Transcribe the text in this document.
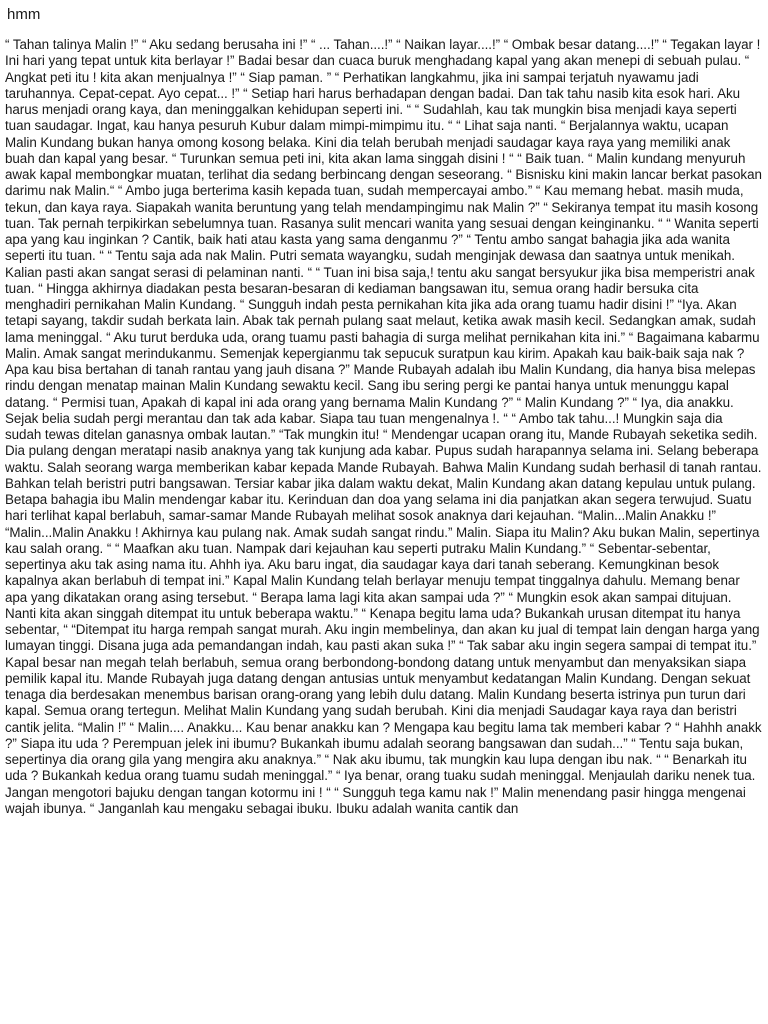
hmm

“ Tahan talinya Malin !” “ Aku sedang berusaha ini !” “ ... Tahan....!” “ Naikan layar....!” “ Ombak besar datang....!” “ Tegakan layar ! Ini hari yang tepat untuk kita berlayar !” Badai besar dan cuaca buruk menghadang kapal yang akan menepi di sebuah pulau. “ Angkat peti itu ! kita akan menjualnya !” “ Siap paman. ” “ Perhatikan langkahmu, jika ini sampai terjatuh nyawamu jadi taruhannya. Cepat-cepat. Ayo cepat... !” “ Setiap hari harus berhadapan dengan badai. Dan tak tahu nasib kita esok hari. Aku harus menjadi orang kaya, dan meninggalkan kehidupan seperti ini. “ “ Sudahlah, kau tak mungkin bisa menjadi kaya seperti tuan saudagar. Ingat, kau hanya pesuruh Kubur dalam mimpi-mimpimu itu. “ “ Lihat saja nanti. “ Berjalannya waktu, ucapan Malin Kundang bukan hanya omong kosong belaka. Kini dia telah berubah menjadi saudagar kaya raya yang memiliki anak buah dan kapal yang besar. “ Turunkan semua peti ini, kita akan lama singgah disini ! “ “ Baik tuan. “ Malin kundang menyuruh awak kapal membongkar muatan, terlihat dia sedang berbincang dengan seseorang. “ Bisnisku kini makin lancar berkat pasokan darimu nak Malin.“ “ Ambo juga berterima kasih kepada tuan, sudah mempercayai ambo.” “ Kau memang hebat. masih muda, tekun, dan kaya raya. Siapakah wanita beruntung yang telah mendampingimu nak Malin ?” “ Sekiranya tempat itu masih kosong tuan. Tak pernah terpikirkan sebelumnya tuan. Rasanya sulit mencari wanita yang sesuai dengan keinginanku. “ “ Wanita seperti apa yang kau inginkan ? Cantik, baik hati atau kasta yang sama denganmu ?” “ Tentu ambo sangat bahagia jika ada wanita seperti itu tuan. “ “ Tentu saja ada nak Malin. Putri semata wayangku, sudah menginjak dewasa dan saatnya untuk menikah. Kalian pasti akan sangat serasi di pelaminan nanti. “ “ Tuan ini bisa saja,! tentu aku sangat bersyukur jika bisa memperistri anak tuan. “ Hingga akhirnya diadakan pesta besaran-besaran di kediaman bangsawan itu, semua orang hadir bersuka cita menghadiri pernikahan Malin Kundang. “ Sungguh indah pesta pernikahan kita jika ada orang tuamu hadir disini !” “Iya. Akan tetapi sayang, takdir sudah berkata lain. Abak tak pernah pulang saat melaut, ketika awak masih kecil. Sedangkan amak, sudah lama meninggal. “ Aku turut berduka uda, orang tuamu pasti bahagia di surga melihat pernikahan kita ini.” “ Bagaimana kabarmu Malin. Amak sangat merindukanmu. Semenjak kepergianmu tak sepucuk suratpun kau kirim. Apakah kau baik-baik saja nak ? Apa kau bisa bertahan di tanah rantau yang jauh disana ?” Mande Rubayah adalah ibu Malin Kundang, dia hanya bisa melepas rindu dengan menatap mainan Malin Kundang sewaktu kecil. Sang ibu sering pergi ke pantai hanya untuk menunggu kapal datang. “ Permisi tuan, Apakah di kapal ini ada orang yang bernama Malin Kundang ?” “ Malin Kundang ?” “ Iya, dia anakku. Sejak belia sudah pergi merantau dan tak ada kabar. Siapa tau tuan mengenalnya !. “ “ Ambo tak tahu...! Mungkin saja dia sudah tewas ditelan ganasnya ombak lautan.” “Tak mungkin itu! “ Mendengar ucapan orang itu, Mande Rubayah seketika sedih. Dia pulang dengan meratapi nasib anaknya yang tak kunjung ada kabar. Pupus sudah harapannya selama ini. Selang beberapa waktu. Salah seorang warga memberikan kabar kepada Mande Rubayah. Bahwa Malin Kundang sudah berhasil di tanah rantau. Bahkan telah beristri putri bangsawan. Tersiar kabar jika dalam waktu dekat, Malin Kundang akan datang kepulau untuk pulang. Betapa bahagia ibu Malin mendengar kabar itu. Kerinduan dan doa yang selama ini dia panjatkan akan segera terwujud. Suatu hari terlihat kapal berlabuh, samar-samar Mande Rubayah melihat sosok anaknya dari kejauhan. “Malin...Malin Anakku !” “Malin...Malin Anakku ! Akhirnya kau pulang nak. Amak sudah sangat rindu.” Malin. Siapa itu Malin? Aku bukan Malin, sepertinya kau salah orang. “ “ Maafkan aku tuan. Nampak dari kejauhan kau seperti putraku Malin Kundang.” “ Sebentar-sebentar, sepertinya aku tak asing nama itu. Ahhh iya. Aku baru ingat, dia saudagar kaya dari tanah seberang. Kemungkinan besok kapalnya akan berlabuh di tempat ini.” Kapal Malin Kundang telah berlayar menuju tempat tinggalnya dahulu. Memang benar apa yang dikatakan orang asing tersebut. “ Berapa lama lagi kita akan sampai uda ?” “ Mungkin esok akan sampai ditujuan. Nanti kita akan singgah ditempat itu untuk beberapa waktu.” “ Kenapa begitu lama uda? Bukankah urusan ditempat itu hanya sebentar, “ “Ditempat itu harga rempah sangat murah. Aku ingin membelinya, dan akan ku jual di tempat lain dengan harga yang lumayan tinggi. Disana juga ada pemandangan indah, kau pasti akan suka !” “ Tak sabar aku ingin segera sampai di tempat itu.” Kapal besar nan megah telah berlabuh, semua orang berbondong-bondong datang untuk menyambut dan menyaksikan siapa pemilik kapal itu. Mande Rubayah juga datang dengan antusias untuk menyambut kedatangan Malin Kundang. Dengan sekuat tenaga dia berdesakan menembus barisan orang-orang yang lebih dulu datang. Malin Kundang beserta istrinya pun turun dari kapal. Semua orang tertegun. Melihat Malin Kundang yang sudah berubah. Kini dia menjadi Saudagar kaya raya dan beristri cantik jelita. “Malin !” “ Malin.... Anakku... Kau benar anakku kan ? Mengapa kau begitu lama tak memberi kabar ? “ Hahhh anakk ?” Siapa itu uda ? Perempuan jelek ini ibumu? Bukankah ibumu adalah seorang bangsawan dan sudah...” “ Tentu saja bukan, sepertinya dia orang gila yang mengira aku anaknya.” “ Nak aku ibumu, tak mungkin kau lupa dengan ibu nak. “ “ Benarkah itu uda ? Bukankah kedua orang tuamu sudah meninggal.” “ Iya benar, orang tuaku sudah meninggal. Menjaulah dariku nenek tua. Jangan mengotori bajuku dengan tangan kotormu ini ! “ “ Sungguh tega kamu nak !” Malin menendang pasir hingga mengenai wajah ibunya. “ Janganlah kau mengaku sebagai ibuku. Ibuku adalah wanita cantik dan
